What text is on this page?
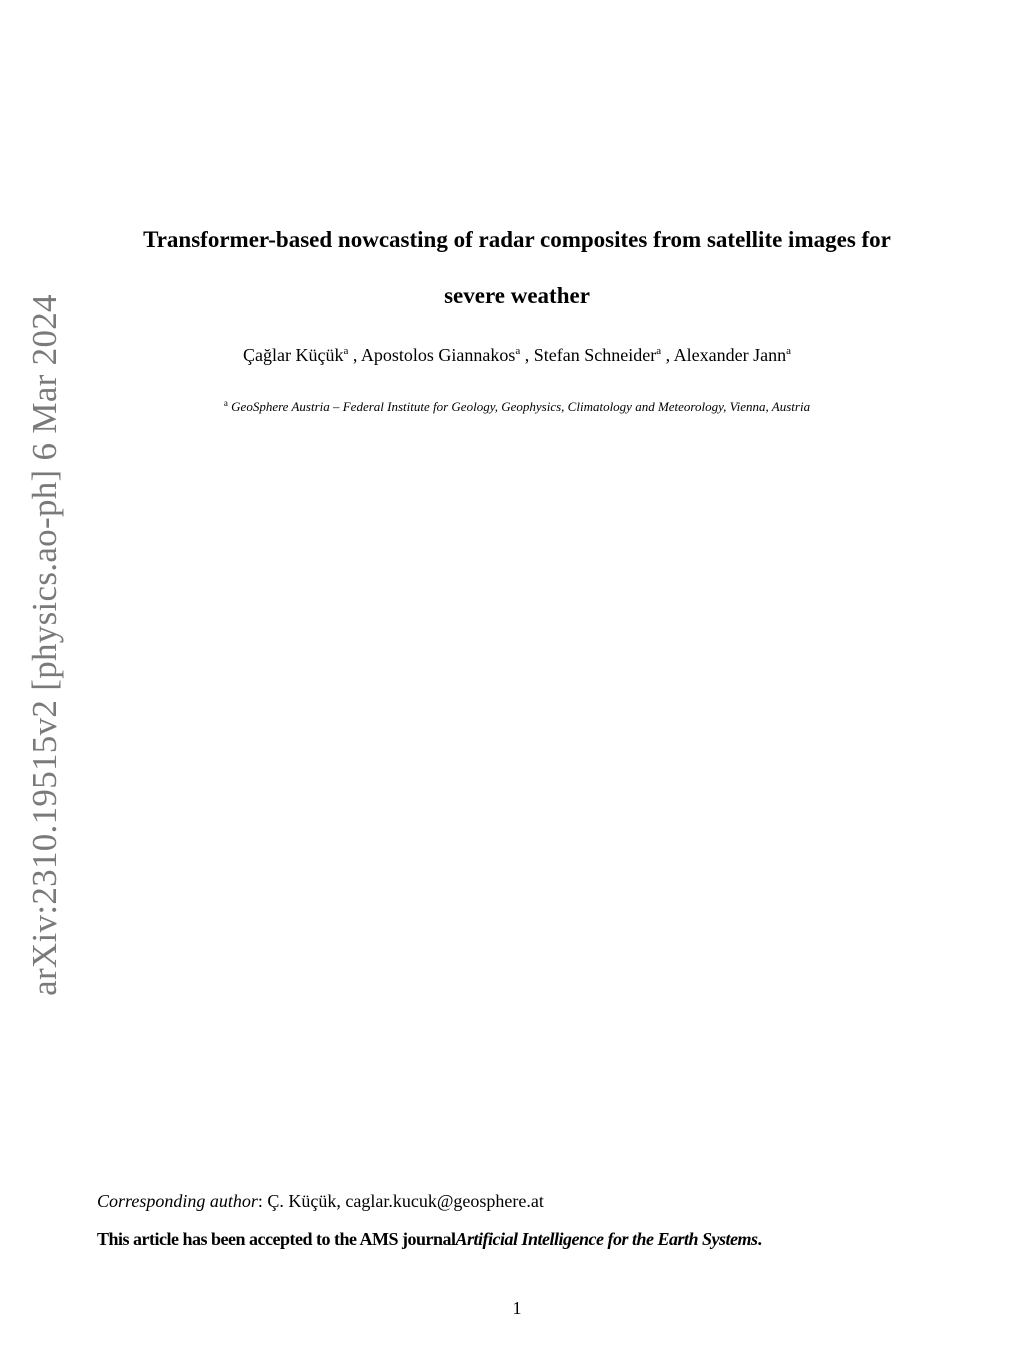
arXiv:2310.19515v2 [physics.ao-ph] 6 Mar 2024
Transformer-based nowcasting of radar composites from satellite images for
severe weather
Çağlar Küçük$^a$ , Apostolos Giannakos$^a$ , Stefan Schneider$^a$ , Alexander Jann$^a$
$^a$ GeoSphere Austria – Federal Institute for Geology, Geophysics, Climatology and Meteorology, Vienna, Austria
Corresponding author: Ç. Küçük, caglar.kucuk@geosphere.at
This article has been accepted to the AMS journalArtificial Intelligence for the Earth Systems.
1
